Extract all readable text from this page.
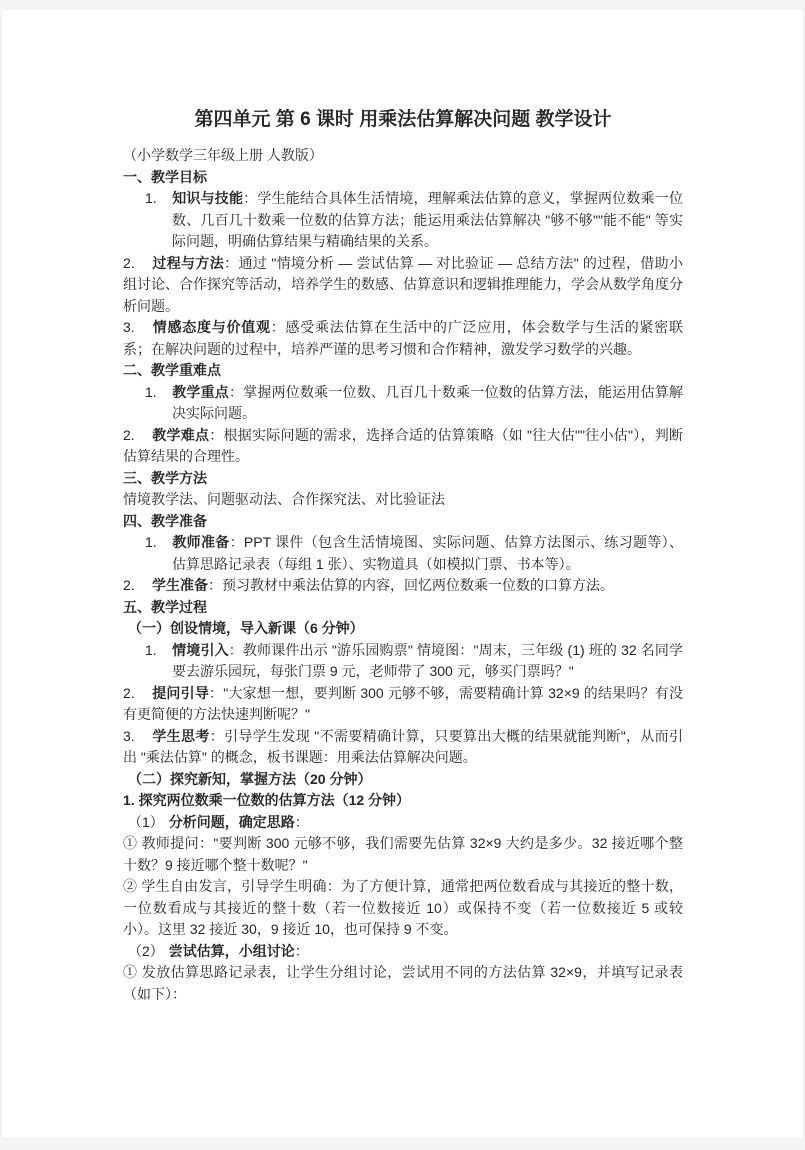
第四单元 第 6 课时 用乘法估算解决问题 教学设计

（小学数学三年级上册 人教版）

一、教学目标

1. 知识与技能：学生能结合具体生活情境，理解乘法估算的意义，掌握两位数乘一位数、几百几十数乘一位数的估算方法；能运用乘法估算解决 "够不够""能不能" 等实际问题，明确估算结果与精确结果的关系。

2. 过程与方法：通过 "情境分析 — 尝试估算 — 对比验证 — 总结方法" 的过程，借助小组讨论、合作探究等活动，培养学生的数感、估算意识和逻辑推理能力，学会从数学角度分析问题。

3. 情感态度与价值观：感受乘法估算在生活中的广泛应用，体会数学与生活的紧密联系；在解决问题的过程中，培养严谨的思考习惯和合作精神，激发学习数学的兴趣。

二、教学重难点

1. 教学重点：掌握两位数乘一位数、几百几十数乘一位数的估算方法，能运用估算解决实际问题。

2. 教学难点：根据实际问题的需求，选择合适的估算策略（如 "往大估""往小估"），判断估算结果的合理性。

三、教学方法

情境教学法、问题驱动法、合作探究法、对比验证法

四、教学准备

1. 教师准备：PPT 课件（包含生活情境图、实际问题、估算方法图示、练习题等）、估算思路记录表（每组 1 张）、实物道具（如模拟门票、书本等）。

2. 学生准备：预习教材中乘法估算的内容，回忆两位数乘一位数的口算方法。

五、教学过程

（一）创设情境，导入新课（6 分钟）

1. 情境引入：教师课件出示 "游乐园购票" 情境图："周末，三年级 (1) 班的 32 名同学要去游乐园玩，每张门票 9 元，老师带了 300 元，够买门票吗？"

2. 提问引导："大家想一想，要判断 300 元够不够，需要精确计算 32×9 的结果吗？有没有更简便的方法快速判断呢？"

3. 学生思考：引导学生发现 "不需要精确计算，只要算出大概的结果就能判断"，从而引出 "乘法估算" 的概念，板书课题：用乘法估算解决问题。

（二）探究新知，掌握方法（20 分钟）

1. 探究两位数乘一位数的估算方法（12 分钟）

（1） 分析问题，确定思路：

① 教师提问："要判断 300 元够不够，我们需要先估算 32×9 大约是多少。32 接近哪个整十数？9 接近哪个整十数呢？"

② 学生自由发言，引导学生明确：为了方便计算，通常把两位数看成与其接近的整十数，一位数看成与其接近的整十数（若一位数接近 10）或保持不变（若一位数接近 5 或较小）。这里 32 接近 30，9 接近 10，也可保持 9 不变。

（2） 尝试估算，小组讨论：

① 发放估算思路记录表，让学生分组讨论，尝试用不同的方法估算 32×9，并填写记录表（如下）：
